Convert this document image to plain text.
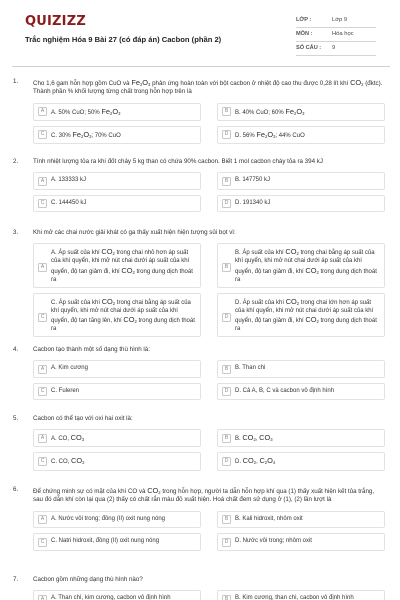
QUIZIZZ
Trắc nghiệm Hóa 9 Bài 27 (có đáp án) Cacbon (phần 2)
LỚP :	Lớp 9
MÔN :	Hóa học
SỐ CÂU :	9
1.	Cho 1,6 gam hỗn hợp gồm CuO và $Fe_2O_3$ phản ứng hoàn toàn với bột cacbon ở nhiệt độ cao thu được 0,28 lít khí $CO_2$ (đktc). Thành phần % khối lượng từng chất trong hỗn hợp trên là
A	A. 50% CuO; 50% $Fe_2O_3$	B	B. 40% CuO; 60% $Fe_2O_3$
C	C. 30% $Fe_2O_3$; 70% CuO	D	D. 56% $Fe_2O_3$; 44% CuO
2.	Tính nhiệt lượng tỏa ra khi đốt cháy 5 kg than có chứa 90% cacbon. Biết 1 mol cacbon cháy tỏa ra 394 kJ
A	A. 133333 kJ	B	B. 147750 kJ
C	C. 144450 kJ	D	D. 191340 kJ
3.	Khi mở các chai nước giải khát có ga thấy xuất hiện hiện tượng sủi bọt vì:
A
A. Áp suất của khí $CO_2$ trong chai nhỏ hơn áp suất của khí quyển, khi mở nút chai dưới áp suất của khí quyển, độ tan giảm đi, khí $CO_2$ trong dung dịch thoát ra
B
B. Áp suất của khí $CO_2$ trong chai bằng áp suất của khí quyển, khi mở nút chai dưới áp suất của khí quyển, độ tan giảm đi, khí $CO_2$ trong dung dịch thoát ra
C
C. Áp suất của khí $CO_2$ trong chai bằng áp suất của khí quyển, khi mở nút chai dưới áp suất của khí quyển, độ tan tăng lên, khí $CO_2$ trong dung dịch thoát ra
D
D. Áp suất của khí $CO_2$ trong chai lớn hơn áp suất của khí quyển, khi mở nút chai dưới áp suất của khí quyển, độ tan giảm đi, khí $CO_2$ trong dung dịch thoát ra
4.	Cacbon tạo thành một số dạng thù hình là:
A	A. Kim cương	B	B. Than chì
C	C. Fuleren	D	D. Cả A, B, C và cacbon vô định hình
5.	Cacbon có thể tạo với oxi hai oxit là:
A	A. CO, $CO_3$	B	B. $CO_2$, $CO_3$
C	C. CO, $CO_2$	D	D. $CO_2$, $C_2O_4$
6.	Để chứng minh sự có mặt của khí CO và $CO_2$ trong hỗn hợp, người ta dẫn hỗn hợp khí qua (1) thấy xuất hiện kết tủa trắng, sau đó dẫn khí còn lại qua (2) thấy có chất rắn màu đỏ xuất hiện. Hoá chất đem sử dụng ở (1), (2) lần lượt là
A	A. Nước vôi trong; đồng (II) oxit nung nóng	B	B. Kali hidroxit, nhôm oxit
C	C. Natri hidroxit, đồng (II) oxit nung nóng	D	D. Nước vôi trong; nhôm oxit
7.	Cacbon gồm những dạng thù hình nào?
A	A. Than chì, kim cương, cacbon vô định hình	B	B. Kim cương, than chì, cacbon vô định hình
